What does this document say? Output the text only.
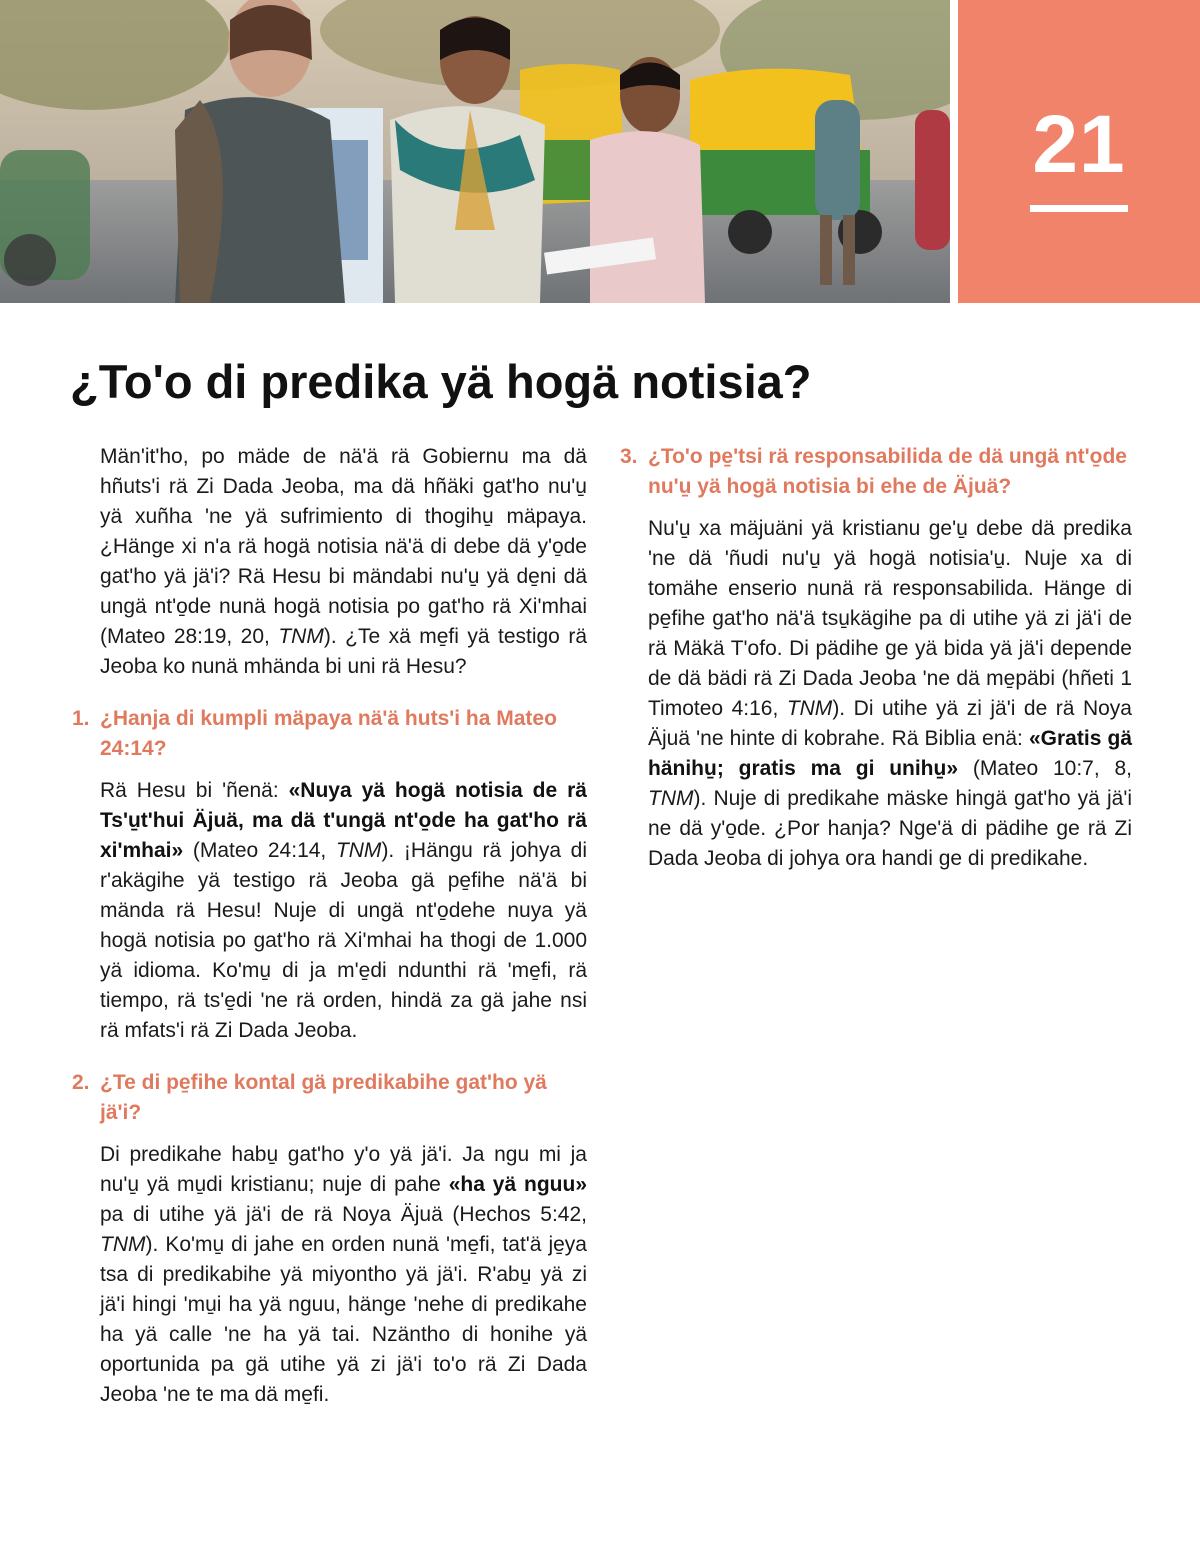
21
¿To'o di predika yä hogä notisia?

Män'it'ho, po mäde de nä'ä rä Gobiernu ma dä hñuts'i rä Zi Dada Jeoba, ma dä hñäki gat'ho nu'u̱ yä xuñha 'ne yä sufrimiento di thogihu̱ mäpaya. ¿Hänge xi n'a rä hogä notisia nä'ä di debe dä y'o̱de gat'ho yä jä'i? Rä Hesu bi mändabi nu'u̱ yä de̱ni dä ungä nt'o̱de nunä hogä notisia po gat'ho rä Xi'mhai (Mateo 28:19, 20, TNM). ¿Te xä me̱fi yä testigo rä Jeoba ko nunä mhända bi uni rä Hesu?

1. ¿Hanja di kumpli mäpaya nä'ä huts'i ha Mateo 24:14?

Rä Hesu bi 'ñenä: «Nuya yä hogä notisia de rä Ts'u̱t'hui Äjuä, ma dä t'ungä nt'o̱de ha gat'ho rä xi'mhai» (Mateo 24:14, TNM). ¡Hängu rä johya di r'akägihe yä testigo rä Jeoba gä pe̱fihe nä'ä bi mända rä Hesu! Nuje di ungä nt'o̱dehe nuya yä hogä notisia po gat'ho rä Xi'mhai ha thogi de 1.000 yä idioma. Ko'mu̱ di ja m'e̱di ndunthi rä 'me̱fi, rä tiempo, rä ts'e̱di 'ne rä orden, hindä za gä jahe nsi rä mfats'i rä Zi Dada Jeoba.

2. ¿Te di pe̱fihe kontal gä predikabihe gat'ho yä jä'i?

Di predikahe habu̱ gat'ho y'o yä jä'i. Ja ngu mi ja nu'u̱ yä mu̱di kristianu; nuje di pahe «ha yä nguu» pa di utihe yä jä'i de rä Noya Äjuä (Hechos 5:42, TNM). Ko'mu̱ di jahe en orden nunä 'me̱fi, tat'ä je̱ya tsa di predikabihe yä miyontho yä jä'i. R'abu̱ yä zi jä'i hingi 'mu̱i ha yä nguu, hänge 'nehe di predikahe ha yä calle 'ne ha yä tai. Nzäntho di honihe yä oportunida pa gä utihe yä zi jä'i to'o rä Zi Dada Jeoba 'ne te ma dä me̱fi.

3. ¿To'o pe̱'tsi rä responsabilida de dä ungä nt'o̱de nu'u̱ yä hogä notisia bi ehe de Äjuä?

Nu'u̱ xa mäjuäni yä kristianu ge'u̱ debe dä predika 'ne dä 'ñudi nu'u̱ yä hogä notisia'u̱. Nuje xa di tomähe enserio nunä rä responsabilida. Hänge di pe̱fihe gat'ho nä'ä tsu̱kägihe pa di utihe yä zi jä'i de rä Mäkä T'ofo. Di pädihe ge yä bida yä jä'i depende de dä bädi rä Zi Dada Jeoba 'ne dä me̱päbi (hñeti 1 Timoteo 4:16, TNM). Di utihe yä zi jä'i de rä Noya Äjuä 'ne hinte di kobrahe. Rä Biblia enä: «Gratis gä hänihu̱; gratis ma gi unihu̱» (Mateo 10:7, 8, TNM). Nuje di predikahe mäske hingä gat'ho yä jä'i ne dä y'o̱de. ¿Por hanja? Nge'ä di pädihe ge rä Zi Dada Jeoba di johya ora handi ge di predikahe.
